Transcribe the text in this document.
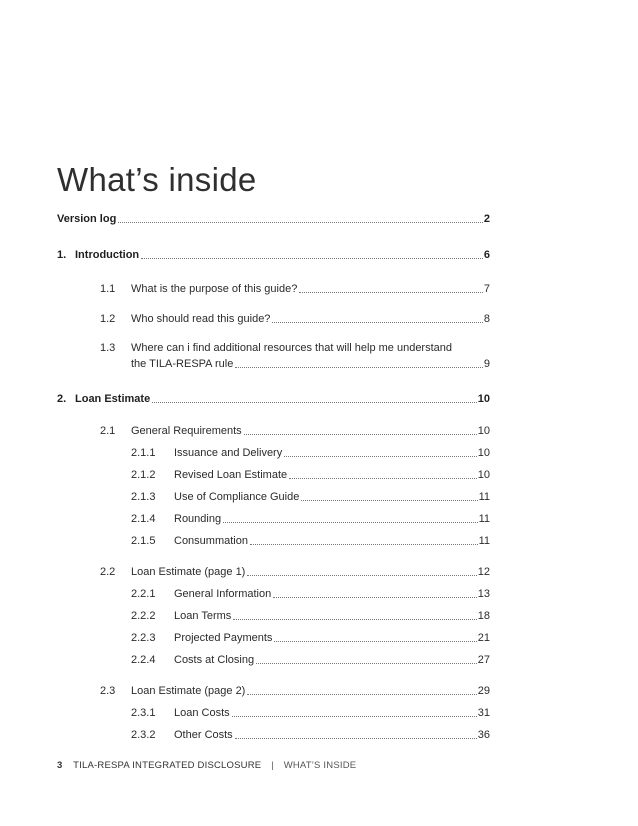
What’s inside
Version log	2
1. Introduction	6
1.1	What is the purpose of this guide?	7
1.2	Who should read this guide?	8
1.3	Where can i find additional resources that will help me understand
the TILA-RESPA rule	9
2. Loan Estimate	10
2.1	General Requirements	10
2.1.1	Issuance and Delivery	10
2.1.2	Revised Loan Estimate	10
2.1.3	Use of Compliance Guide	11
2.1.4	Rounding	11
2.1.5	Consummation	11
2.2	Loan Estimate (page 1)	12
2.2.1	General Information	13
2.2.2	Loan Terms	18
2.2.3	Projected Payments	21
2.2.4	Costs at Closing	27
2.3	Loan Estimate (page 2)	29
2.3.1	Loan Costs	31
2.3.2	Other Costs	36
3 TILA-RESPA INTEGRATED DISCLOSURE | WHAT’S INSIDE
